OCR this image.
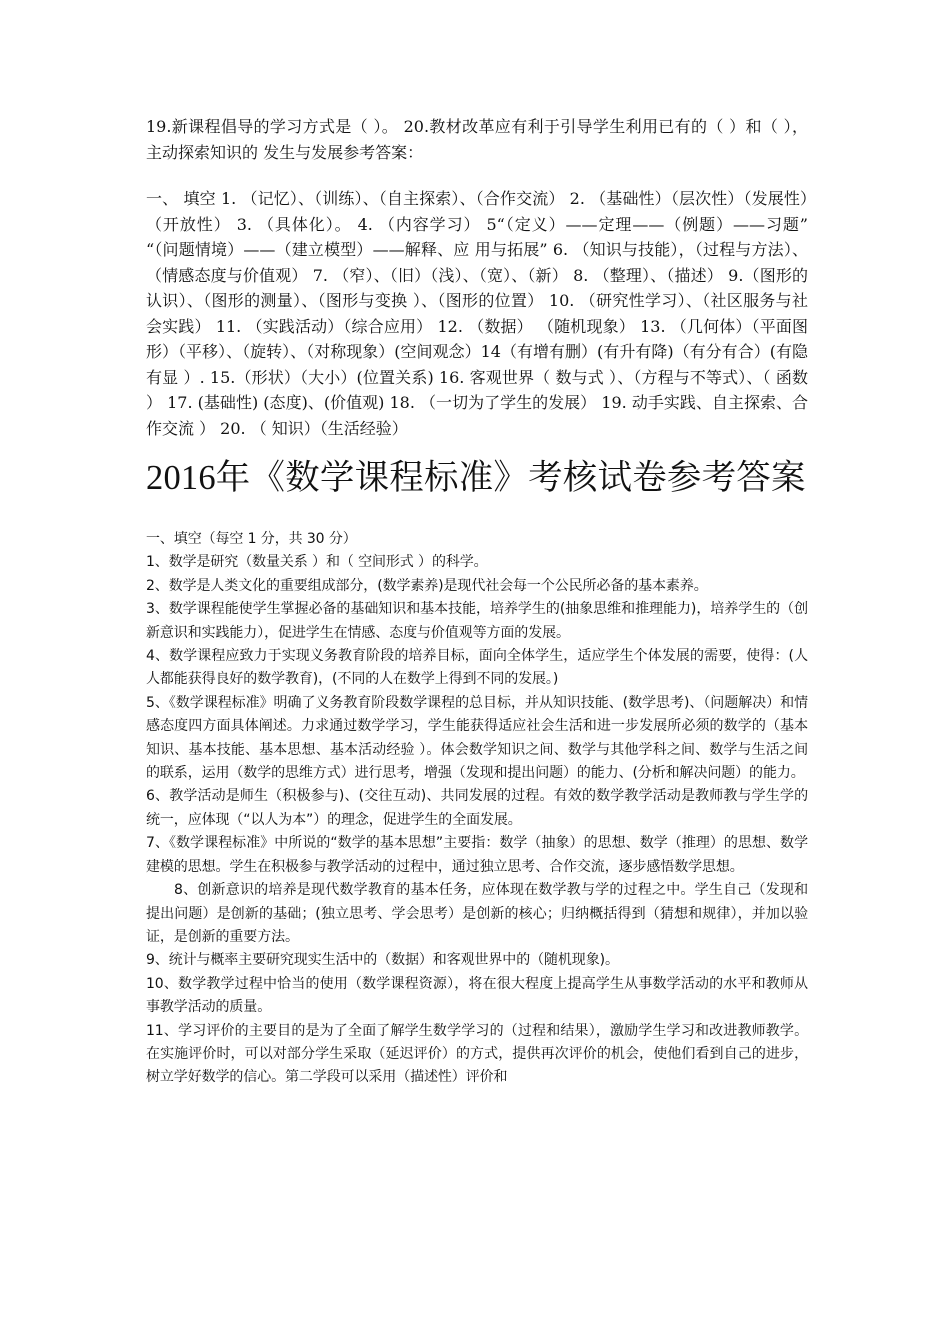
19.新课程倡导的学习方式是（ ）。 20.教材改革应有利于引导学生利用已有的（ ）和（ ），主动探索知识的 发生与发展参考答案：

一、 填空 1. （记忆）、（训练）、（自主探索）、（合作交流） 2. （基础性）（层次性）（发展性）（开放性） 3. （具体化）。 4. （内容学习） 5“（定义）——定理——（例题）——习题” “（问题情境）——（建立模型）——解释、应 用与拓展” 6. （知识与技能），（过程与方法）、（情感态度与价值观） 7. （窄）、（旧）（浅）、（宽）、（新） 8. （整理）、（描述） 9.（图形的认识）、（图形的测量）、（图形与变换 ）、（图形的位置） 10. （研究性学习）、（社区服务与社会实践） 11. （实践活动）（综合应用） 12. （数据） （随机现象） 13. （几何体）（平面图形）（平移）、（旋转）、（对称现象）(空间观念）14（有增有删）(有升有降)（有分有合）(有隐有显 ）. 15.（形状）（大小）(位置关系) 16. 客观世界（ 数与式 ）、（方程与不等式）、（ 函数 ） 17. (基础性) (态度)、(价值观) 18. （一切为了学生的发展） 19. 动手实践、自主探索、合作交流 ） 20. （ 知识）（生活经验）

2016年《数学课程标准》考核试卷参考答案

一、填空（每空 1 分，共 30 分）

1、数学是研究（数量关系 ）和（ 空间形式 ）的科学。

2、数学是人类文化的重要组成部分，(数学素养)是现代社会每一个公民所必备的基本素养。

3、数学课程能使学生掌握必备的基础知识和基本技能，培养学生的(抽象思维和推理能力)，培养学生的（创新意识和实践能力），促进学生在情感、态度与价值观等方面的发展。

4、数学课程应致力于实现义务教育阶段的培养目标，面向全体学生，适应学生个体发展的需要，使得：(人人都能获得良好的数学教育)，(不同的人在数学上得到不同的发展。)

5、《数学课程标准》明确了义务教育阶段数学课程的总目标，并从知识技能、(数学思考)、（问题解决）和情感态度四方面具体阐述。力求通过数学学习，学生能获得适应社会生活和进一步发展所必须的数学的（基本知识、基本技能、基本思想、基本活动经验 ）。体会数学知识之间、数学与其他学科之间、数学与生活之间的联系，运用（数学的思维方式）进行思考，增强（发现和提出问题）的能力、(分析和解决问题）的能力。

6、教学活动是师生（积极参与)、(交往互动)、共同发展的过程。有效的数学教学活动是教师教与学生学的统一，应体现（“以人为本”）的理念，促进学生的全面发展。

7、《数学课程标准》中所说的“数学的基本思想”主要指：数学（抽象）的思想、数学（推理）的思想、数学建模的思想。学生在积极参与教学活动的过程中，通过独立思考、合作交流，逐步感悟数学思想。

8、创新意识的培养是现代数学教育的基本任务，应体现在数学教与学的过程之中。学生自己（发现和提出问题）是创新的基础；(独立思考、学会思考）是创新的核心；归纳概括得到（猜想和规律），并加以验证，是创新的重要方法。

9、统计与概率主要研究现实生活中的（数据）和客观世界中的（随机现象)。

10、数学教学过程中恰当的使用（数学课程资源），将在很大程度上提高学生从事数学活动的水平和教师从事教学活动的质量。

11、学习评价的主要目的是为了全面了解学生数学学习的（过程和结果），激励学生学习和改进教师教学。在实施评价时，可以对部分学生采取（延迟评价）的方式，提供再次评价的机会，使他们看到自己的进步，树立学好数学的信心。第二学段可以采用（描述性）评价和
